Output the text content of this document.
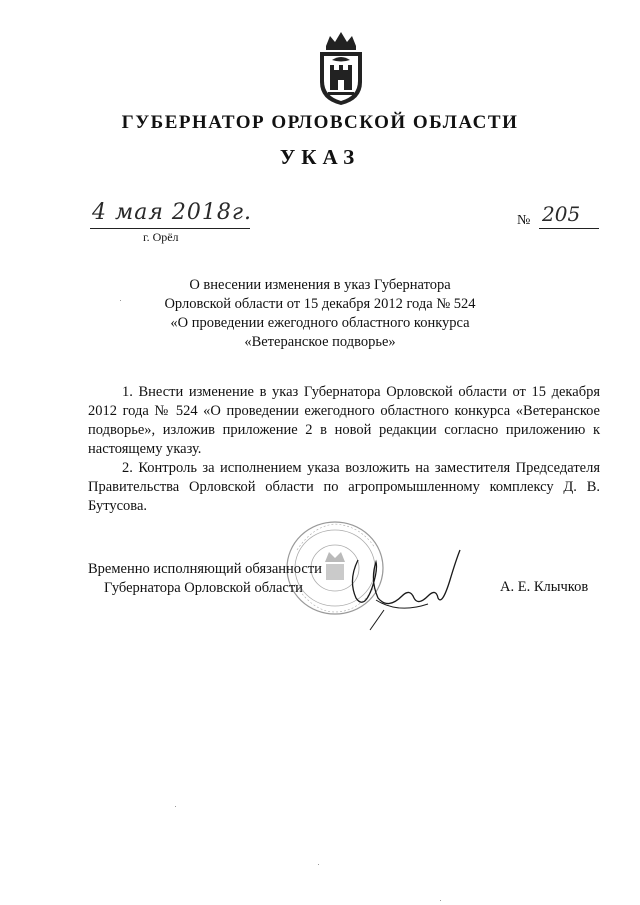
ГУБЕРНАТОР ОРЛОВСКОЙ ОБЛАСТИ
УКАЗ
4 мая 2018г.
г. Орёл
№ 205
О внесении изменения в указ Губернатора
Орловской области от 15 декабря 2012 года № 524
«О проведении ежегодного областного конкурса
«Ветеранское подворье»
1. Внести изменение в указ Губернатора Орловской области от 15 декабря 2012 года № 524 «О проведении ежегодного областного конкурса «Ветеранское подворье», изложив приложение 2 в новой редакции согласно приложению к настоящему указу.
2. Контроль за исполнением указа возложить на заместителя Председателя Правительства Орловской области по агропромышленному комплексу Д. В. Бутусова.
Временно исполняющий обязанности
Губернатора Орловской области	А. Е. Клычков
